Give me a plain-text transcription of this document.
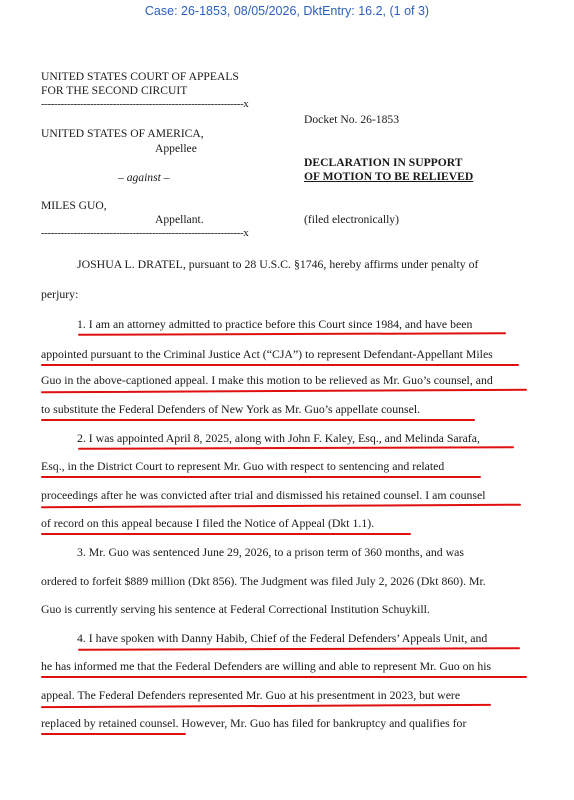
Case: 26-1853, 08/05/2026, DktEntry: 16.2, (1 of 3)
UNITED STATES COURT OF APPEALS
FOR THE SECOND CIRCUIT
--------------------------------------------------------------x
UNITED STATES OF AMERICA,
Appellee
– against –
MILES GUO,
Appellant.
--------------------------------------------------------------x
Docket No. 26-1853
DECLARATION IN SUPPORT
OF MOTION TO BE RELIEVED
(filed electronically)
JOSHUA L. DRATEL, pursuant to 28 U.S.C. §1746, hereby affirms under penalty of
perjury:
1. I am an attorney admitted to practice before this Court since 1984, and have been
appointed pursuant to the Criminal Justice Act (“CJA”) to represent Defendant-Appellant Miles
Guo in the above-captioned appeal. I make this motion to be relieved as Mr. Guo’s counsel, and
to substitute the Federal Defenders of New York as Mr. Guo’s appellate counsel.
2. I was appointed April 8, 2025, along with John F. Kaley, Esq., and Melinda Sarafa,
Esq., in the District Court to represent Mr. Guo with respect to sentencing and related
proceedings after he was convicted after trial and dismissed his retained counsel. I am counsel
of record on this appeal because I filed the Notice of Appeal (Dkt 1.1).
3. Mr. Guo was sentenced June 29, 2026, to a prison term of 360 months, and was
ordered to forfeit $889 million (Dkt 856). The Judgment was filed July 2, 2026 (Dkt 860). Mr.
Guo is currently serving his sentence at Federal Correctional Institution Schuykill.
4. I have spoken with Danny Habib, Chief of the Federal Defenders’ Appeals Unit, and
he has informed me that the Federal Defenders are willing and able to represent Mr. Guo on his
appeal. The Federal Defenders represented Mr. Guo at his presentment in 2023, but were
replaced by retained counsel. However, Mr. Guo has filed for bankruptcy and qualifies for
